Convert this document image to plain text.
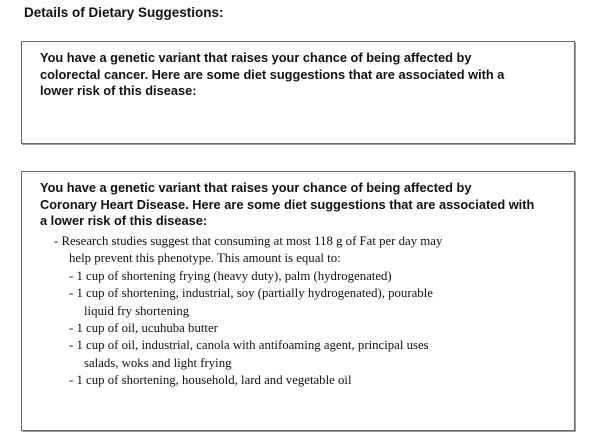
Details of Dietary Suggestions:
You have a genetic variant that raises your chance of being affected by
colorectal cancer. Here are some diet suggestions that are associated with a
lower risk of this disease:
You have a genetic variant that raises your chance of being affected by
Coronary Heart Disease. Here are some diet suggestions that are associated with
a lower risk of this disease:
- Research studies suggest that consuming at most 118 g of Fat per day may
help prevent this phenotype. This amount is equal to:
- 1 cup of shortening frying (heavy duty), palm (hydrogenated)
- 1 cup of shortening, industrial, soy (partially hydrogenated), pourable
liquid fry shortening
- 1 cup of oil, ucuhuba butter
- 1 cup of oil, industrial, canola with antifoaming agent, principal uses
salads, woks and light frying
- 1 cup of shortening, household, lard and vegetable oil
